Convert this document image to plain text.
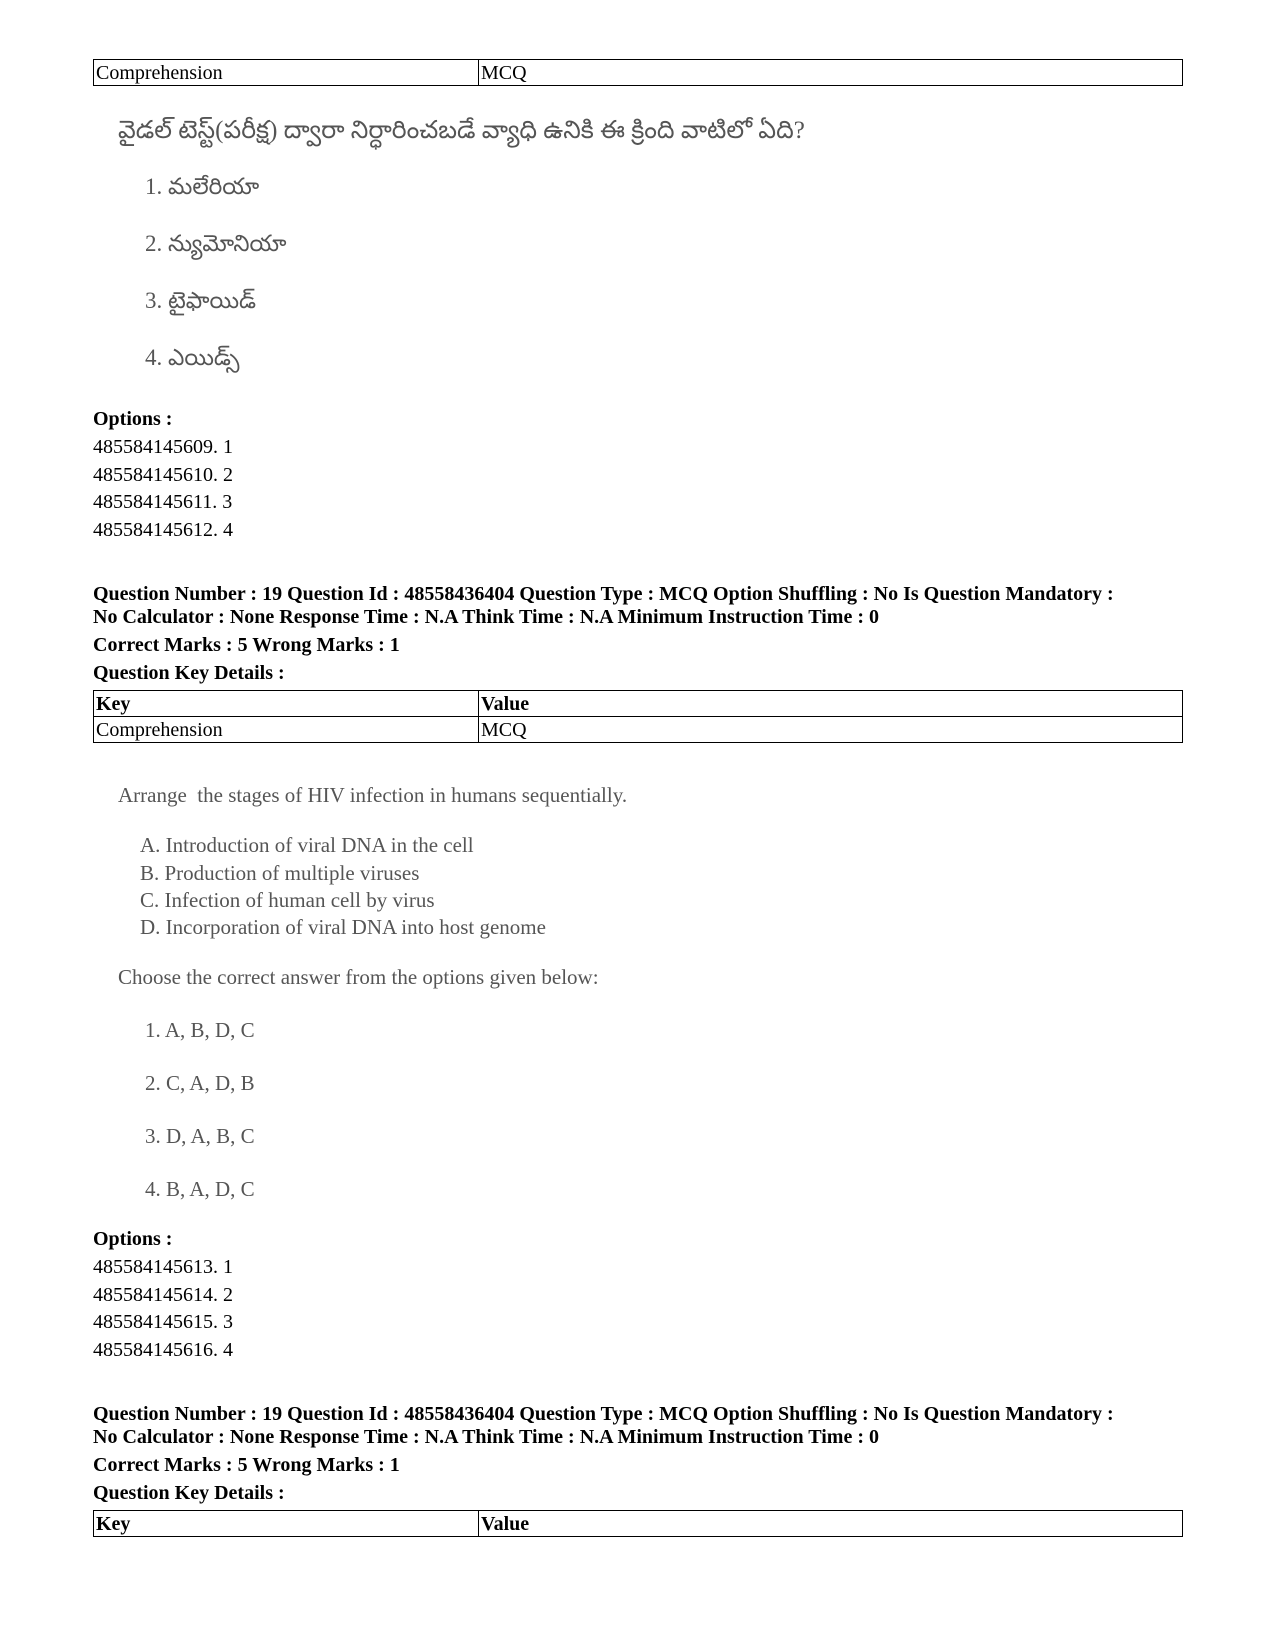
Comprehension	MCQ
వైడల్ టెస్ట్(పరీక్ష) ద్వారా నిర్ధారించబడే వ్యాధి ఉనికి ఈ క్రింది వాటిలో ఏది?
1. మలేరియా
2. న్యుమోనియా
3. టైఫాయిడ్
4. ఎయిడ్స్
Options :
485584145609. 1
485584145610. 2
485584145611. 3
485584145612. 4
Question Number : 19 Question Id : 48558436404 Question Type : MCQ Option Shuffling : No Is Question Mandatory :
No Calculator : None Response Time : N.A Think Time : N.A Minimum Instruction Time : 0
Correct Marks : 5 Wrong Marks : 1
Question Key Details :
Key	Value
Comprehension	MCQ
Arrange  the stages of HIV infection in humans sequentially.
A. Introduction of viral DNA in the cell
B. Production of multiple viruses
C. Infection of human cell by virus
D. Incorporation of viral DNA into host genome
Choose the correct answer from the options given below:
1. A, B, D, C
2. C, A, D, B
3. D, A, B, C
4. B, A, D, C
Options :
485584145613. 1
485584145614. 2
485584145615. 3
485584145616. 4
Question Number : 19 Question Id : 48558436404 Question Type : MCQ Option Shuffling : No Is Question Mandatory :
No Calculator : None Response Time : N.A Think Time : N.A Minimum Instruction Time : 0
Correct Marks : 5 Wrong Marks : 1
Question Key Details :
Key	Value
